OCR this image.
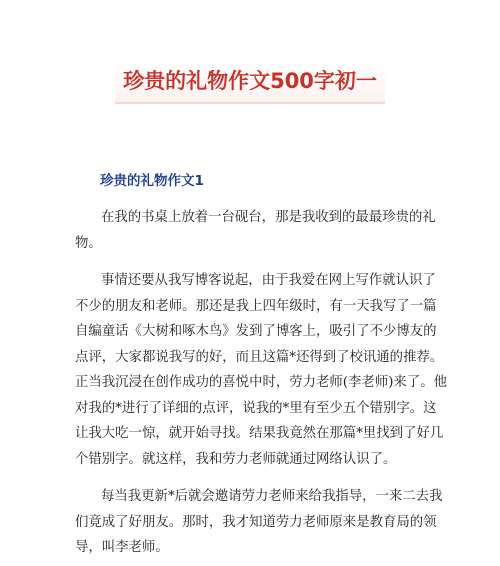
珍贵的礼物作文500字初一
珍贵的礼物作文1

在我的书桌上放着一台砚台，那是我收到的最最珍贵的礼
物。

事情还要从我写博客说起，由于我爱在网上写作就认识了
不少的朋友和老师。那还是我上四年级时，有一天我写了一篇
自编童话《大树和啄木鸟》发到了博客上，吸引了不少博友的
点评，大家都说我写的好，而且这篇*还得到了校讯通的推荐。
正当我沉浸在创作成功的喜悦中时，劳力老师(李老师)来了。他
对我的*进行了详细的点评，说我的*里有至少五个错别字。这
让我大吃一惊，就开始寻找。结果我竟然在那篇*里找到了好几
个错别字。就这样，我和劳力老师就通过网络认识了。

每当我更新*后就会邀请劳力老师来给我指导，一来二去我
们竟成了好朋友。那时，我才知道劳力老师原来是教育局的领
导，叫李老师。
